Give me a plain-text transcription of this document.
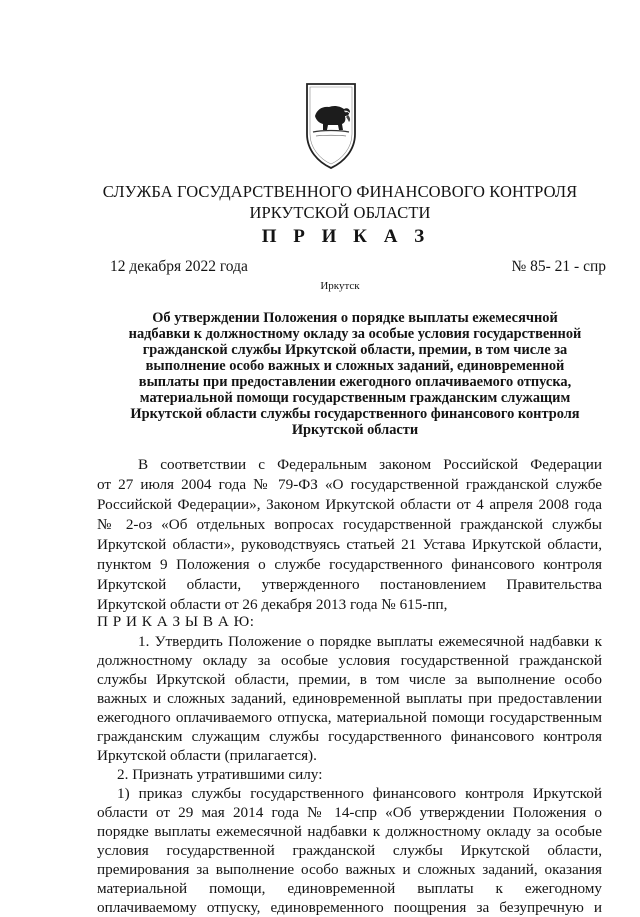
СЛУЖБА ГОСУДАРСТВЕННОГО ФИНАНСОВОГО КОНТРОЛЯ
ИРКУТСКОЙ ОБЛАСТИ
П Р И К А З
12 декабря 2022 года	№ 85- 21 - спр
Иркутск
Об утверждении Положения о порядке выплаты ежемесячной
надбавки к должностному окладу за особые условия государственной
гражданской службы Иркутской области, премии, в том числе за
выполнение особо важных и сложных заданий, единовременной
выплаты при предоставлении ежегодного оплачиваемого отпуска,
материальной помощи государственным гражданским служащим
Иркутской области службы государственного финансового контроля
Иркутской области
В соответствии с Федеральным законом Российской Федерации
от 27 июля 2004 года № 79-ФЗ «О государственной гражданской службе
Российской Федерации», Законом Иркутской области от 4 апреля 2008 года
№ 2-оз «Об отдельных вопросах государственной гражданской службы
Иркутской области», руководствуясь статьей 21 Устава Иркутской области,
пунктом 9 Положения о службе государственного финансового контроля
Иркутской области, утвержденного постановлением Правительства
Иркутской области от 26 декабря 2013 года № 615-пп,
П Р И К А З Ы В А Ю:
1. Утвердить Положение о порядке выплаты ежемесячной надбавки к
должностному окладу за особые условия государственной гражданской
службы Иркутской области, премии, в том числе за выполнение особо
важных и сложных заданий, единовременной выплаты при предоставлении
ежегодного оплачиваемого отпуска, материальной помощи государственным
гражданским служащим службы государственного финансового контроля
Иркутской области (прилагается).
2. Признать утратившими силу:
1) приказ службы государственного финансового контроля Иркутской
области от 29 мая 2014 года № 14-спр «Об утверждении Положения о
порядке выплаты ежемесячной надбавки к должностному окладу за особые
условия государственной гражданской службы Иркутской области,
премирования за выполнение особо важных и сложных заданий, оказания
материальной помощи, единовременной выплаты к ежегодному
оплачиваемому отпуску, единовременного поощрения за безупречную и
